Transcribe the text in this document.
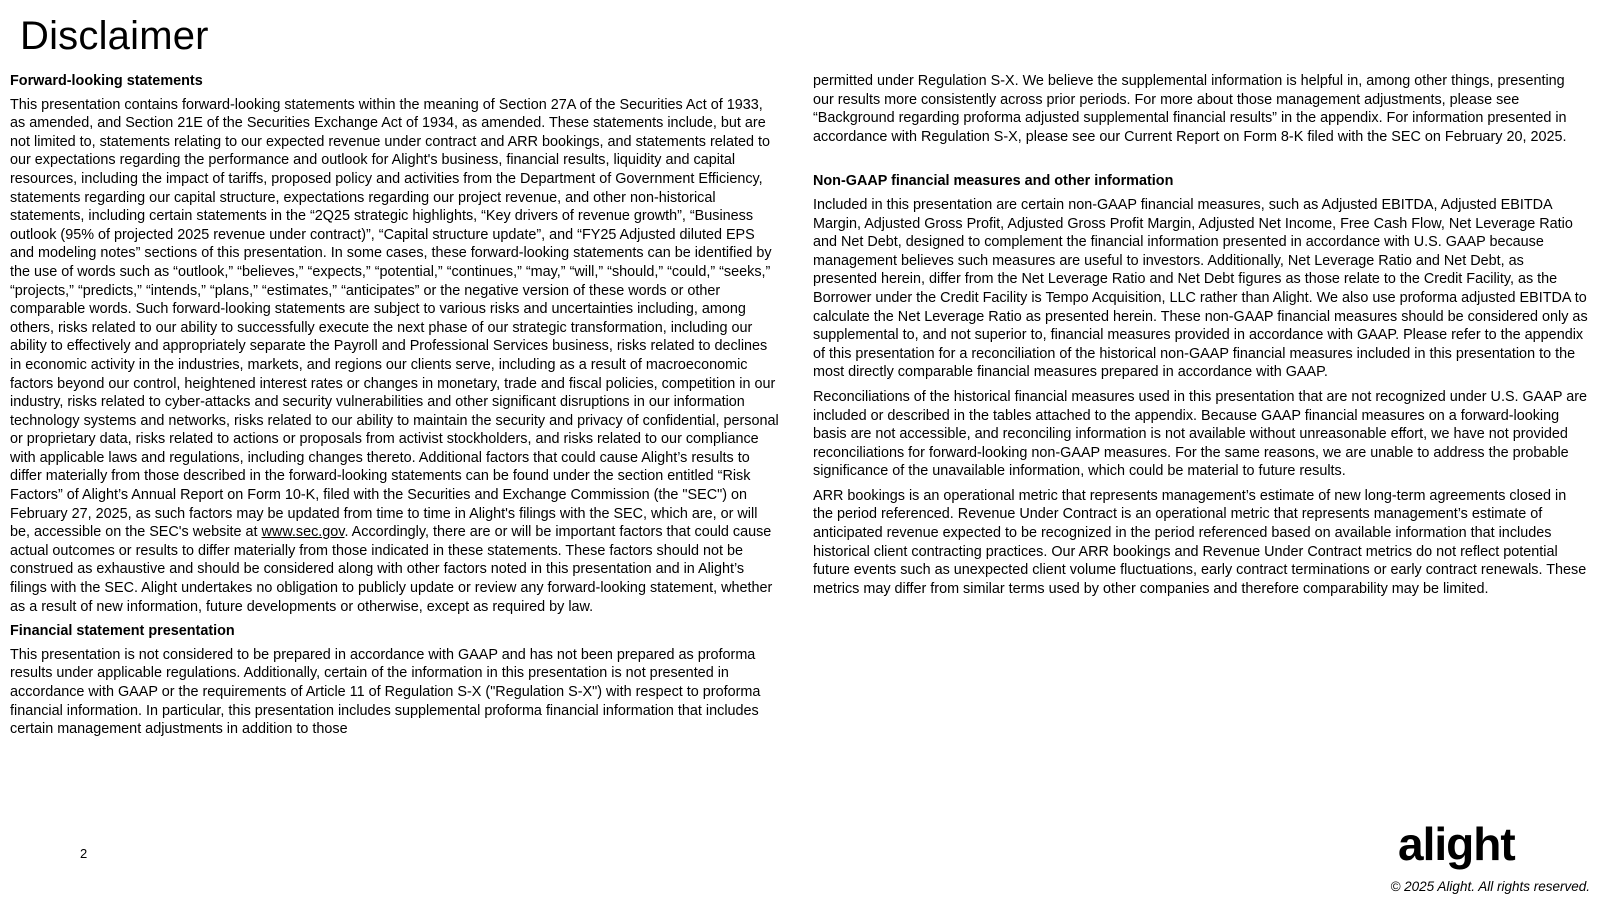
Disclaimer
Forward-looking statements
This presentation contains forward-looking statements within the meaning of Section 27A of the Securities Act of 1933, as amended, and Section 21E of the Securities Exchange Act of 1934, as amended. These statements include, but are not limited to, statements relating to our expected revenue under contract and ARR bookings, and statements related to our expectations regarding the performance and outlook for Alight's business, financial results, liquidity and capital resources, including the impact of tariffs, proposed policy and activities from the Department of Government Efficiency, statements regarding our capital structure, expectations regarding our project revenue, and other non-historical statements, including certain statements in the “2Q25 strategic highlights, “Key drivers of revenue growth”, “Business outlook (95% of projected 2025 revenue under contract)”, “Capital structure update”, and “FY25 Adjusted diluted EPS and modeling notes” sections of this presentation. In some cases, these forward-looking statements can be identified by the use of words such as “outlook,” “believes,” “expects,” “potential,” “continues,” “may,” “will,” “should,” “could,” “seeks,” “projects,” “predicts,” “intends,” “plans,” “estimates,” “anticipates” or the negative version of these words or other comparable words. Such forward-looking statements are subject to various risks and uncertainties including, among others, risks related to our ability to successfully execute the next phase of our strategic transformation, including our ability to effectively and appropriately separate the Payroll and Professional Services business, risks related to declines in economic activity in the industries, markets, and regions our clients serve, including as a result of macroeconomic factors beyond our control, heightened interest rates or changes in monetary, trade and fiscal policies, competition in our industry, risks related to cyber-attacks and security vulnerabilities and other significant disruptions in our information technology systems and networks, risks related to our ability to maintain the security and privacy of confidential, personal or proprietary data, risks related to actions or proposals from activist stockholders, and risks related to our compliance with applicable laws and regulations, including changes thereto. Additional factors that could cause Alight’s results to differ materially from those described in the forward-looking statements can be found under the section entitled “Risk Factors” of Alight’s Annual Report on Form 10-K, filed with the Securities and Exchange Commission (the "SEC") on February 27, 2025, as such factors may be updated from time to time in Alight's filings with the SEC, which are, or will be, accessible on the SEC's website at www.sec.gov. Accordingly, there are or will be important factors that could cause actual outcomes or results to differ materially from those indicated in these statements. These factors should not be construed as exhaustive and should be considered along with other factors noted in this presentation and in Alight’s filings with the SEC. Alight undertakes no obligation to publicly update or review any forward-looking statement, whether as a result of new information, future developments or otherwise, except as required by law.
Financial statement presentation
This presentation is not considered to be prepared in accordance with GAAP and has not been prepared as proforma results under applicable regulations. Additionally, certain of the information in this presentation is not presented in accordance with GAAP or the requirements of Article 11 of Regulation S-X ("Regulation S-X") with respect to proforma financial information. In particular, this presentation includes supplemental proforma financial information that includes certain management adjustments in addition to those
permitted under Regulation S-X. We believe the supplemental information is helpful in, among other things, presenting our results more consistently across prior periods. For more about those management adjustments, please see “Background regarding proforma adjusted supplemental financial results” in the appendix. For information presented in accordance with Regulation S-X, please see our Current Report on Form 8-K filed with the SEC on February 20, 2025.
Non-GAAP financial measures and other information
Included in this presentation are certain non-GAAP financial measures, such as Adjusted EBITDA, Adjusted EBITDA Margin, Adjusted Gross Profit, Adjusted Gross Profit Margin, Adjusted Net Income, Free Cash Flow, Net Leverage Ratio and Net Debt, designed to complement the financial information presented in accordance with U.S. GAAP because management believes such measures are useful to investors. Additionally, Net Leverage Ratio and Net Debt, as presented herein, differ from the Net Leverage Ratio and Net Debt figures as those relate to the Credit Facility, as the Borrower under the Credit Facility is Tempo Acquisition, LLC rather than Alight. We also use proforma adjusted EBITDA to calculate the Net Leverage Ratio as presented herein. These non-GAAP financial measures should be considered only as supplemental to, and not superior to, financial measures provided in accordance with GAAP. Please refer to the appendix of this presentation for a reconciliation of the historical non-GAAP financial measures included in this presentation to the most directly comparable financial measures prepared in accordance with GAAP.
Reconciliations of the historical financial measures used in this presentation that are not recognized under U.S. GAAP are included or described in the tables attached to the appendix. Because GAAP financial measures on a forward-looking basis are not accessible, and reconciling information is not available without unreasonable effort, we have not provided reconciliations for forward-looking non-GAAP measures. For the same reasons, we are unable to address the probable significance of the unavailable information, which could be material to future results.
ARR bookings is an operational metric that represents management’s estimate of new long-term agreements closed in the period referenced. Revenue Under Contract is an operational metric that represents management’s estimate of anticipated revenue expected to be recognized in the period referenced based on available information that includes historical client contracting practices. Our ARR bookings and Revenue Under Contract metrics do not reflect potential future events such as unexpected client volume fluctuations, early contract terminations or early contract renewals. These metrics may differ from similar terms used by other companies and therefore comparability may be limited.
2	alight
© 2025 Alight. All rights reserved.
